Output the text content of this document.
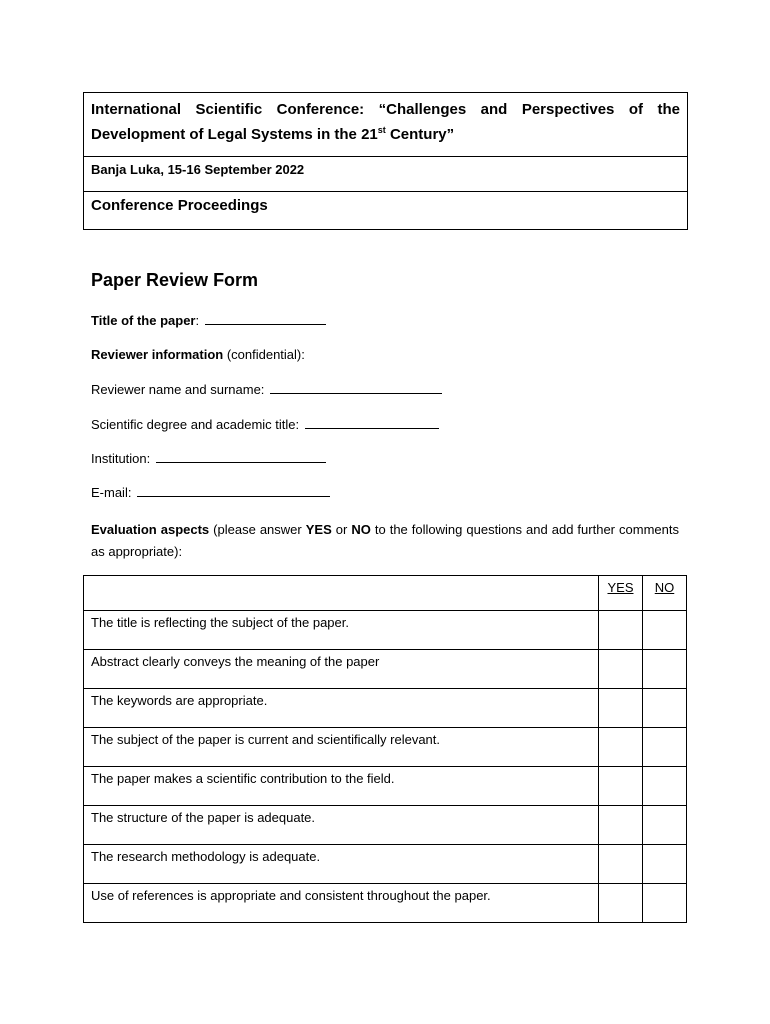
International Scientific Conference: “Challenges and Perspectives of the Development of Legal Systems in the 21st Century”
Banja Luka, 15-16 September 2022
Conference Proceedings
Paper Review Form
Title of the paper:
Reviewer information (confidential):
Reviewer name and surname:
Scientific degree and academic title:
Institution:
E-mail:
Evaluation aspects (please answer YES or NO to the following questions and add further comments as appropriate):

	YES	NO

The title is reflecting the subject of the paper.		
Abstract clearly conveys the meaning of the paper		
The keywords are appropriate.		
The subject of the paper is current and scientifically relevant.		
The paper makes a scientific contribution to the field.		
The structure of the paper is adequate.		
The research methodology is adequate.		
Use of references is appropriate and consistent throughout the paper.		
